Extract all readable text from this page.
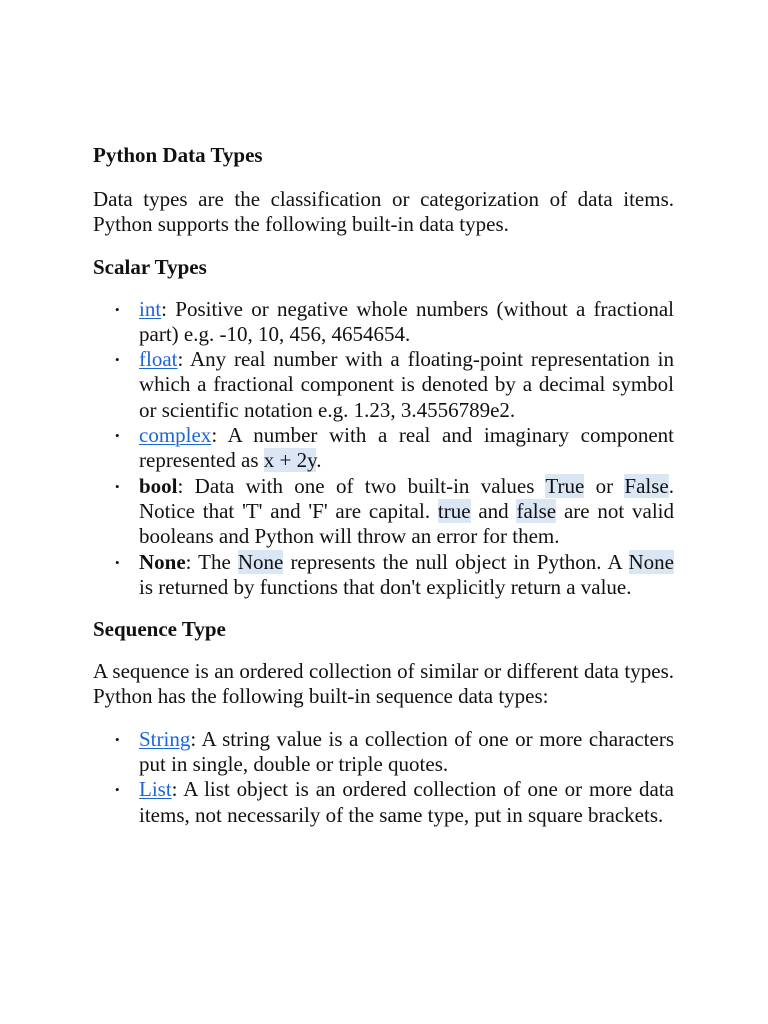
Python Data Types

Data types are the classification or categorization of data items. Python supports the following built-in data types.

Scalar Types
• int: Positive or negative whole numbers (without a fractional part) e.g. -10, 10, 456, 4654654.
• float: Any real number with a floating-point representation in which a fractional component is denoted by a decimal symbol or scientific notation e.g. 1.23, 3.4556789e2.
• complex: A number with a real and imaginary component represented as x + 2y.
• bool: Data with one of two built-in values True or False. Notice that 'T' and 'F' are capital. true and false are not valid booleans and Python will throw an error for them.
• None: The None represents the null object in Python. A None is returned by functions that don't explicitly return a value.
Sequence Type

A sequence is an ordered collection of similar or different data types. Python has the following built-in sequence data types:

• String: A string value is a collection of one or more characters put in single, double or triple quotes.
• List: A list object is an ordered collection of one or more data items, not necessarily of the same type, put in square brackets.
